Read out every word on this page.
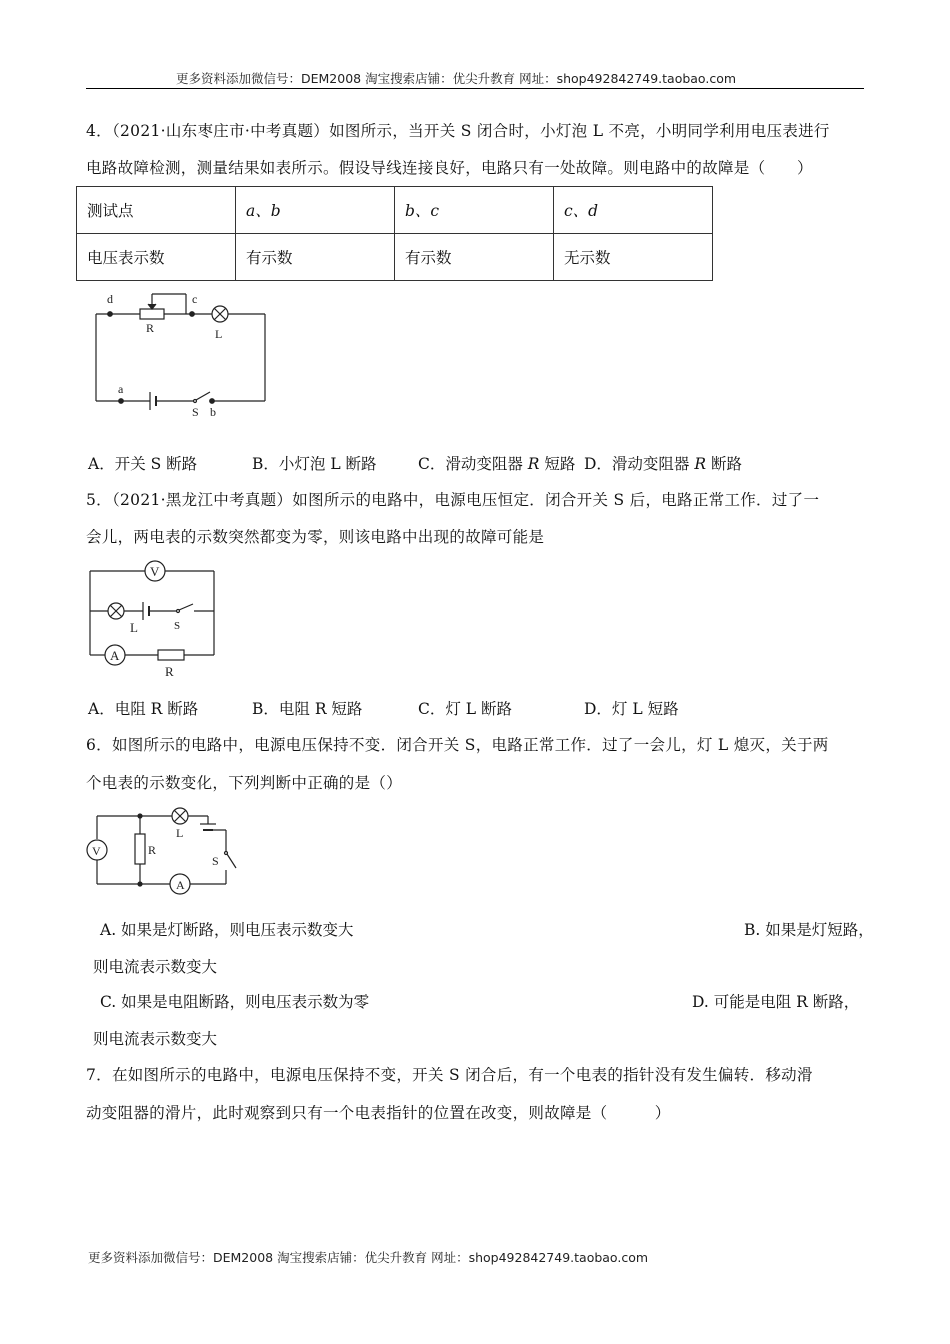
更多资料添加微信号：DEM2008 淘宝搜索店铺：优尖升教育 网址：shop492842749.taobao.com
4．（2021·山东枣庄市·中考真题）如图所示，当开关 S 闭合时，小灯泡 L 不亮，小明同学利用电压表进行
电路故障检测，测量结果如表所示。假设导线连接良好，电路只有一处故障。则电路中的故障是（　　）
测试点	a、b	b、c	c、d
电压表示数	有示数	有示数	无示数
d	c
R	L
a
S b
A．开关 S 断路	B．小灯泡 L 断路	C．滑动变阻器 R 短路 D．滑动变阻器 R 断路
5．（2021·黑龙江中考真题）如图所示的电路中，电源电压恒定．闭合开关 S 后，电路正常工作．过了一
会儿，两电表的示数突然都变为零，则该电路中出现的故障可能是
V
L	S
A
R
A．电阻 R 断路	B．电阻 R 短路	C．灯 L 断路	D．灯 L 短路
6．如图所示的电路中，电源电压保持不变．闭合开关 S，电路正常工作．过了一会儿，灯 L 熄灭，关于两
个电表的示数变化，下列判断中正确的是（）
V	R
L
S
A
A. 如果是灯断路，则电压表示数变大	B. 如果是灯短路，
则电流表示数变大
C. 如果是电阻断路，则电压表示数为零	D. 可能是电阻 R 断路，
则电流表示数变大
7．在如图所示的电路中，电源电压保持不变，开关 S 闭合后，有一个电表的指针没有发生偏转．移动滑
动变阻器的滑片，此时观察到只有一个电表指针的位置在改变，则故障是（　　　）
更多资料添加微信号：DEM2008 淘宝搜索店铺：优尖升教育 网址：shop492842749.taobao.com
